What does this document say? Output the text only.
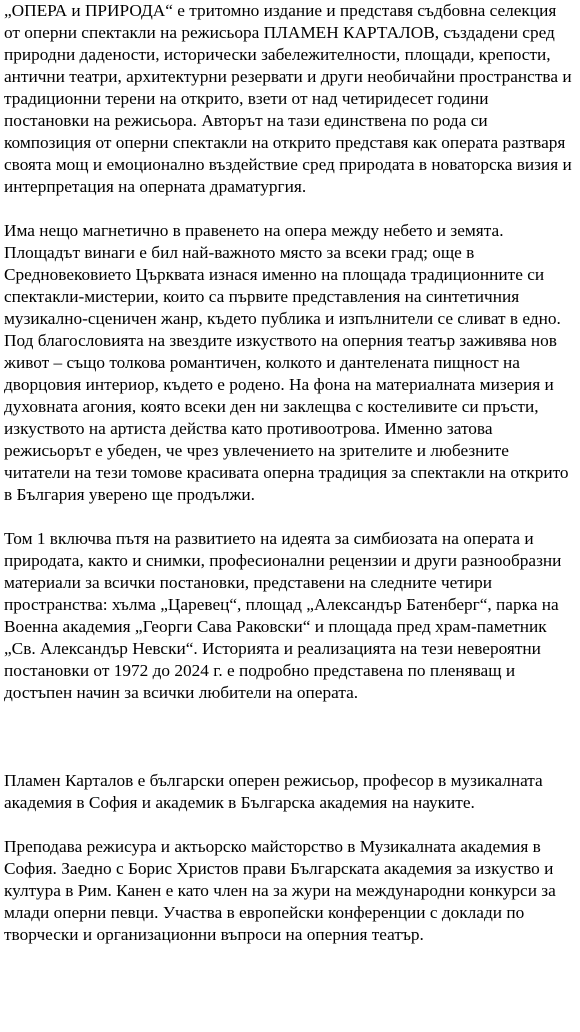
„ОПЕРА и ПРИРОДА“ е тритомно издание и представя съдбовна селекция от оперни спектакли на режисьора ПЛАМЕН КАРТАЛОВ, създадени сред природни дадености, исторически забележителности, площади, крепости, антични театри, архитектурни резервати и други необичайни пространства и традиционни терени на открито, взети от над четиридесет години постановки на режисьора. Авторът на тази единствена по рода си композиция от оперни спектакли на открито представя как операта разтваря своята мощ и емоционално въздействие сред природата в новаторска визия и интерпретация на оперната драматургия.

Има нещо магнетично в правенето на опера между небето и земята. Площадът винаги е бил най-важното място за всеки град; още в Средновековието Църквата изнася именно на площада традиционните си спектакли-мистерии, които са първите представления на синтетичния музикално-сценичен жанр, където публика и изпълнители се сливат в едно. Под благословията на звездите изкуството на оперния театър заживява нов живот – също толкова романтичен, колкото и дантелената пищност на дворцовия интериор, където е родено. На фона на материалната мизерия и духовната агония, която всеки ден ни заклещва с костеливите си пръсти, изкуството на артиста действа като противоотрова. Именно затова режисьорът е убеден, че чрез увлечението на зрителите и любезните читатели на тези томове красивата оперна традиция за спектакли на открито в България уверено ще продължи.

Том 1 включва пътя на развитието на идеята за симбиозата на операта и природата, както и снимки, професионални рецензии и други разнообразни материали за всички постановки, представени на следните четири пространства: хълма „Царевец“, площад „Александър Батенберг“, парка на Военна академия „Георги Сава Раковски“ и площада пред храм-паметник „Св. Александър Невски“. Историята и реализацията на тези невероятни постановки от 1972 до 2024 г. е подробно представена по пленяващ и достъпен начин за всички любители на операта.

Пламен Карталов е български оперен режисьор, професор в музикалната академия в София и академик в Българска академия на науките.

Преподава режисура и актьорско майсторство в Музикалната академия в София. Заедно с Борис Христов прави Българската академия за изкуство и култура в Рим. Канен е като член на за жури на международни конкурси за млади оперни певци. Участва в европейски конференции с доклади по творчески и организационни въпроси на оперния театър.
